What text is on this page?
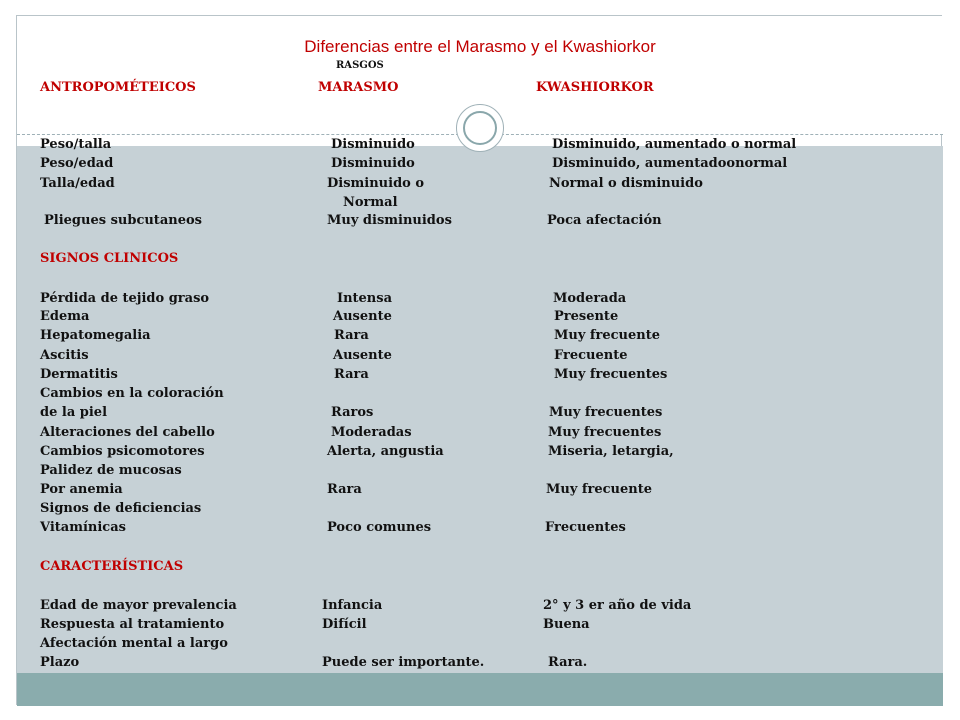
Diferencias entre el Marasmo y el Kwashiorkor
RASGOS
ANTROPOMÉTEICOS	MARASMO	KWASHIORKOR
Peso/talla	Disminuido	Disminuido, aumentado o normal
Peso/edad	Disminuido	Disminuido, aumentadoonormal
Talla/edad	Disminuido o	Normal o disminuido
Normal
Pliegues subcutaneos	Muy disminuidos	Poca afectación
SIGNOS CLINICOS
Pérdida de tejido graso	Intensa	Moderada
Edema	Ausente	Presente
Hepatomegalia	Rara	Muy frecuente
Ascitis	Ausente	Frecuente
Dermatitis	Rara	Muy frecuentes
Cambios en la coloración
de la piel	Raros	Muy frecuentes
Alteraciones del cabello	Moderadas	Muy frecuentes
Cambios psicomotores	Alerta, angustia	Miseria, letargia,
Palidez de mucosas
Por anemia	Rara	Muy frecuente
Signos de deficiencias
Vitamínicas	Poco comunes	Frecuentes
CARACTERÍSTICAS
Edad de mayor prevalencia	Infancia	2° y 3 er año de vida
Respuesta al tratamiento	Difícil	Buena
Afectación mental a largo
Plazo	Puede ser importante.	Rara.
